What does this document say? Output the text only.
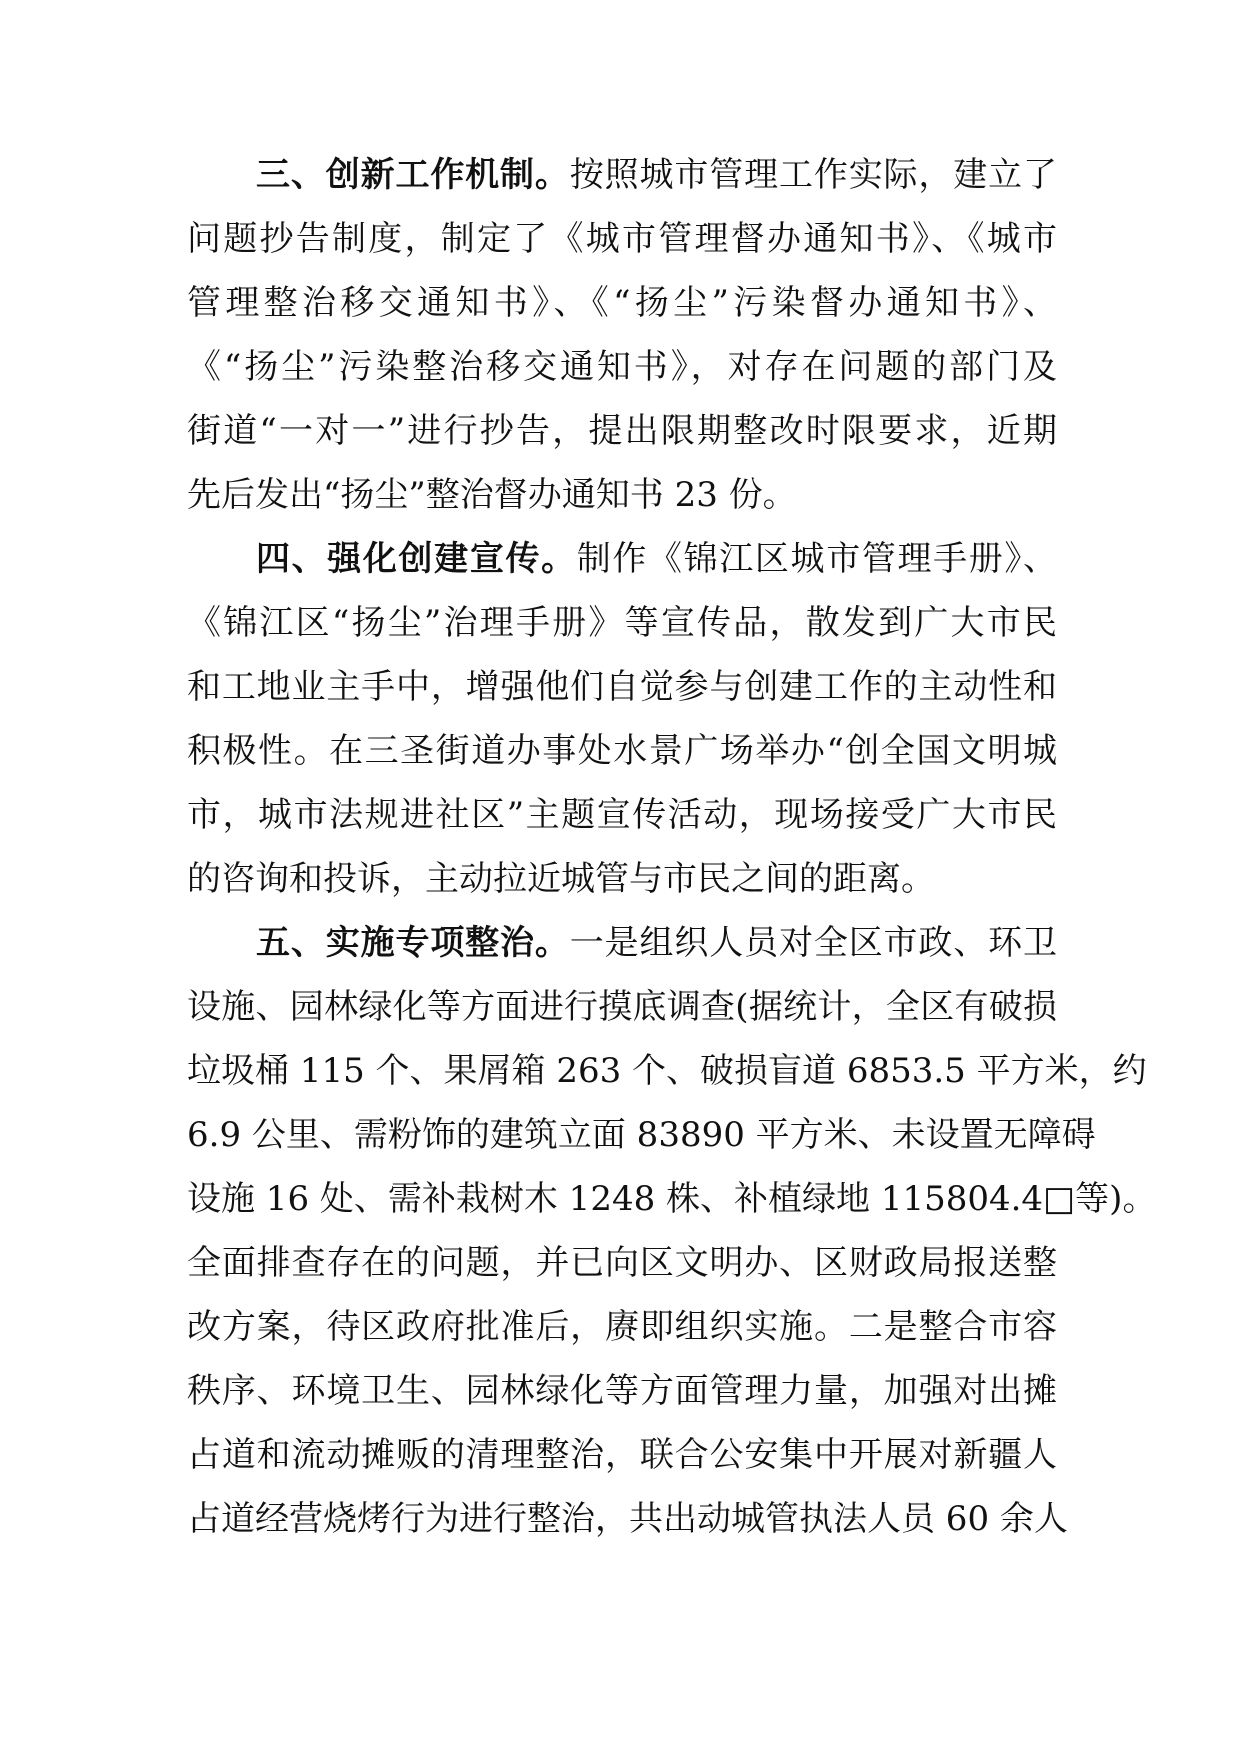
三、创新工作机制。按照城市管理工作实际，建立了
问题抄告制度，制定了《城市管理督办通知书》、《城市
管理整治移交通知书》、《“扬尘”污染督办通知书》、
《“扬尘”污染整治移交通知书》，对存在问题的部门及
街道“一对一”进行抄告，提出限期整改时限要求，近期
先后发出“扬尘”整治督办通知书 23 份。
四、强化创建宣传。制作《锦江区城市管理手册》、
《锦江区“扬尘”治理手册》等宣传品，散发到广大市民
和工地业主手中，增强他们自觉参与创建工作的主动性和
积极性。在三圣街道办事处水景广场举办“创全国文明城
市，城市法规进社区”主题宣传活动，现场接受广大市民
的咨询和投诉，主动拉近城管与市民之间的距离。
五、实施专项整治。一是组织人员对全区市政、环卫
设施、园林绿化等方面进行摸底调查(据统计，全区有破损
垃圾桶 115 个、果屑箱 263 个、破损盲道 6853.5 平方米，约
6.9 公里、需粉饰的建筑立面 83890 平方米、未设置无障碍
设施 16 处、需补栽树木 1248 株、补植绿地 115804.4□等)。
全面排查存在的问题，并已向区文明办、区财政局报送整
改方案，待区政府批准后，赓即组织实施。二是整合市容
秩序、环境卫生、园林绿化等方面管理力量，加强对出摊
占道和流动摊贩的清理整治，联合公安集中开展对新疆人
占道经营烧烤行为进行整治，共出动城管执法人员 60 余人
